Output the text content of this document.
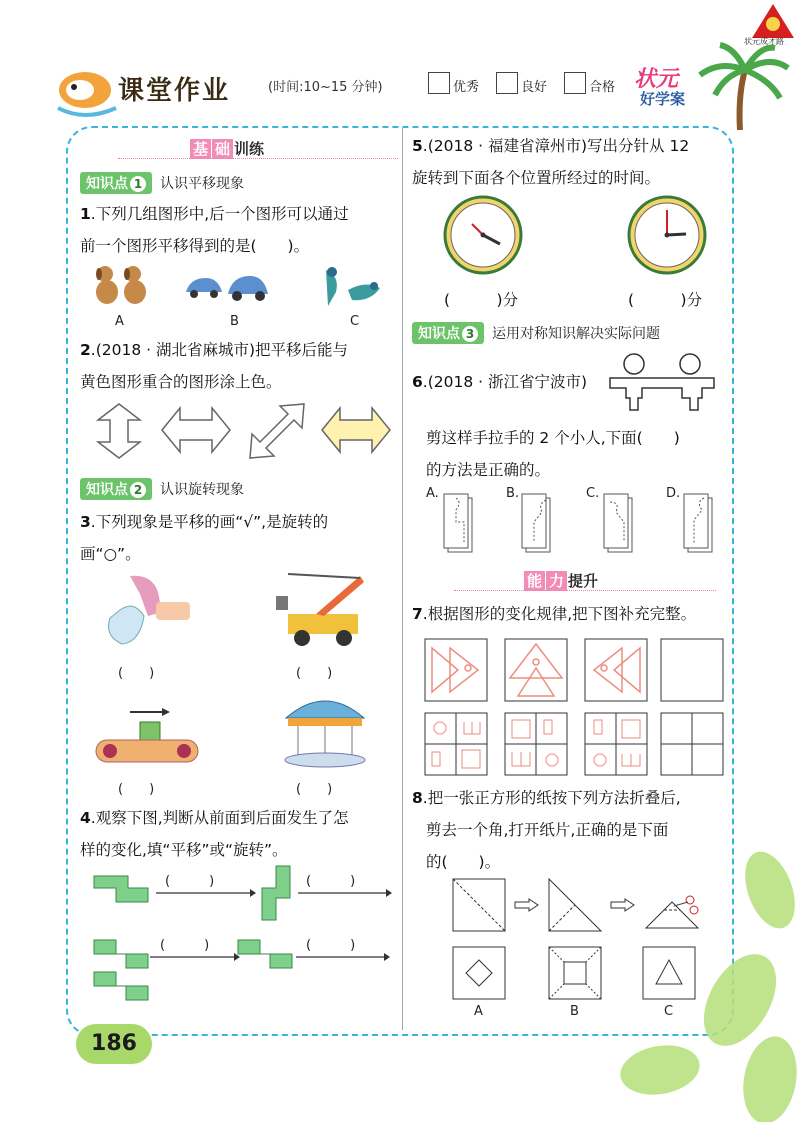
状元成才路
课堂作业	(时间:10~15 分钟)	优秀	良好	合格 状元
好学案
基 础 训练
知识点 1 认识平移现象
1.下列几组图形中,后一个图形可以通过
前一个图形平移得到的是(　　)。
A	B	C
2.(2018 · 湖北省麻城市)把平移后能与
黄色图形重合的图形涂上色。
知识点 2 认识旋转现象
3.下列现象是平移的画“√”,是旋转的
画“○”。
(　　)	(　　)
(　　)	(　　)
4.观察下图,判断从前面到后面发生了怎
样的变化,填“平移”或“旋转”。
(　　　)	(　　　)
(　　　)	(　　　)
5.(2018 · 福建省漳州市)写出分针从 12
旋转到下面各个位置所经过的时间。
(　　　)分	(　　　)分
知识点 3 运用对称知识解决实际问题
6.(2018 · 浙江省宁波市)
剪这样手拉手的 2 个小人,下面(　　)
的方法是正确的。
A.	B.	C.	D.
能 力 提升
7.根据图形的变化规律,把下图补充完整。
8.把一张正方形的纸按下列方法折叠后,
剪去一个角,打开纸片,正确的是下面
的(　　)。
A	B	C
186
